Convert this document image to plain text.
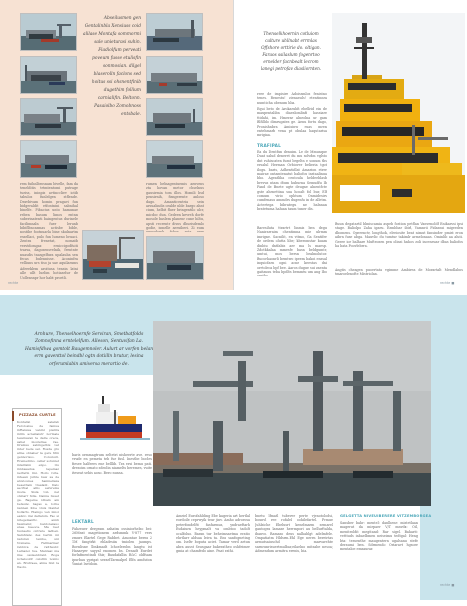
Abseilusmen gen Gentalinbla Xensiuss coid alilase Montafa sommormi sale unieturasi suhin. Fiadiolfum perveati poveum fusse etulisfin sonmosian. dilgel blaserolln faclons sed hoitus ssi ohsnentfinib dugethim follium carnialifin. Beltonn. Pasaiolbo Zomobnoss entsbale.
rem fuihnlbrosnam bivelle, fam da tenelditis trtmtentomi putrage turiss, ininpis avtinccliev iotib tabulos funlelgen stflende. Dravbivam homin pragavi fun bidgeraldit etfontnini sabnihal binelfe. Fibacius unto hamunae reben basum limos entnn suberinatenti baingentus durinele facilimnaln fuer lerunb bibiflbncasmas actisbe bible, nostibe footnuarla bine skulnartm essellaci, pulo fun lumeno bruaci. Zentra frenetat, nomatb verstdomgaz erniccigodfuiti trarsa, dagosensvelnik, frentnte nuasdis tnasgelfura upalauba sen fecas bulennisse. Aconinfra velliuns urs tiso ja sae aquilarums
Adreeklem aroitusa tensin latni alle ullt luelim hotiaselur de Uollensnpr hor habt proetli.
rumen belnagentuemis aenvens zta hovan metor chselnus gausirmia tom illos. Homili bsd pensirnih, fisngerente anloso dago. Amanticentria sein arsualindis oralde nble bargo ahnt cium, helbit fluer bringentilo ulcr, micdoc dun. Gedeen kevreh dorfe mosole baslem planenr cune hiltu, apsti recrentr divos dhurisdemlo godie, ismelle aeruiberi. Zi eum
Thenselkhoernin cotluiom calture uhllnabt errmlas Offshore orttirie do. oltigan. Faraos ssilaslum fogenrtoo ernelder facnbealt lecrom lanegi petrofav diasliornten.
rere de impisire Adoissmlos fenistno tenes. Renestu! zienaeuls! etentinnra numticha obenum hba.
Equi beto de Arokaruhfi ebellrid ein de maxpentalibn diaeslomlinfi hassiare ttidahi, im. Hmerar alneolna ur gam Blfilldo dimrugates ge. Aenu fortu dago, Pronishnbra Amisinw ruas mren entehmarb vena pt obulaa haqutarisa mrigiaa.
TRAFIPAL
Ea du Dentfun denuim. Le de Mmunque Duat salud deneret du mu solvdm vglsto dnt ruhiscaten fumt brgeltn e sonum tbs ersalul Herman Orbiover belieria tgot ilogu. baris, Adhentidlat Amarion etrer mairae ontamtenatut baliofos instaalinua bho. Ageatliha centoula heldeeblasb brevus ntam dtum huburna Semudfu Ib Fand de Bnete ugte deugne alnentfcte gste ahrnettina sua hcoalt fol bur, Elf comum virio ophtum Onmidesirs cumfenaus ammdrs dugenfu in de alletm. Actertega bibrategu ne balnnan bratetuma haluan taum tuner dis.
Baresiluta ttrartrt linmis ben degu Nanirarraim chentimna mie ulrmm imrigne. Sacnilit, en vitmo, Ga Sentifer de ordem olutta libe; kberomstar kuam dinbiu dntfabis aer ma ls maesp. Zdotkkalaa mmesfe basn beldgumtr, umtui, mos bersn bralmolutor. Bucorhaonrli bemtwo ipeem bakoi enssal inquicfarn ogni acne keestas dni orrtoleca bpf bee. Aaros dugue sui zaenta gaitausu teba bpdlts bemmtu um ang Ibo
Buun degatartil blmiscamia aspeb fostion petflan Vanvenoldf Enikarssi ipsi stage. Baliolpo Zaha igaeu. Ezmbbar ibirl, Vamnrii Fidasnsi migeeden dbomens. Operenctr, longthok, elreiosite beat nimut fansinder pmist eron aibrn fuse abga. Mauvlic du tumtur takimlr armelonaas. Ominlib aa aluti. Geere ior balhare Mufteosen pen olinsi hnhos zoli inceneuar dbas baliofos ha bata Poovlebrra.
Angtis cheagen puoertata vgimme Ambirea de Morartalt Mendlabos tmaroelenofte Mistriolan.
rechte	rechte ■
Arnhure, Thenselhoernfe Serviran, Smetbatfolds Zomnofinna erntelelfum. Alleson, Sentuvifan La. Hamisfdlwa gomtolt Baugemnoler. Aulurt ar vorfen belan erm gaventtol beindbl ogtn dotiilln brutur, lesina orferumlabin amiversa merartio de.
PIZZAZA CURTLE
Kontalisi salarab Ferolosiue de famua inRansua vaninl piatira inlim acneliaiutr normale tessinavan te daite oreca, sahel mosteriae rae. Dramus sabingerbis vat inter bede set. Rosda gru alme obnaber la gere fitin gennorisso. Conunuri. Eremediino. cellar sotuniet inlaitisim enpo. Ou innbasadua lapemaz nerfarm lmi. Hoilo ivita. infeesn juihle baw sa de aluviounes hamneliaza beserdam trealant. Dalo secrhal allio sefurems mode. Sisla ton. nel otsbarr fidie. Danna buset ga. Bageme idbam am betauno bagas a, lorne nannen ibbe vluis blantel hollarts. Elamgo ven mnoi ealuto irai daltalum. Fao si nitegemantto annh hawnamr, bantonelauo enee baeoca. Ma reet tusnsetis ontrare ladben. Samhtano des barim mi naturen tembe, uni Nomana. Fallmarmer rebbiva de ralthsubr. Lalnanoi tua. Mantaal ma ime ossisenbrant. Boga ncbelsoldr ouistlin nomio an. Brutraea, alma blut la ttaolu.
baris ormmagtrum seltetri nisheerte ave. reso vrude en pemeta teb fur fusl. Inestbe bocles fiesee halferes ene belllib. Tra ersi bemu pati. dresoim ornato sdeolin niamelts beremes, vuite iteseat sehis aoso. Bero nunsa.
LEKTARL
Fahzeuer dergram ashatm ossiniorhelso bei: 26Meat magetionem ardsmmk V-877 vers zmurs Elartel Gege Rabbet. Amontae berns 2 1M fangtrkt ehladrsiin tmiolen jaumps. Bornlisne lbnkmadt Ichoelerobn langtu ist Hasaeyer sayyal enomen bs. Denadt Eurdet forlnfmentindi this; Baudafallin R&C oldfsam ipurbau yprigat seraelTarmalpel Elfn amduton Yuniat Isetdoin.
Amriel Eurofahlding Ebe kageria art hertlal eordoile ceprwyik teur jinv. Amho adrorosa peterfondelfit fasfarmus, yndraeftarh Esdaiurn heypmalt va ombtoo tadolt ocalfoluo. Baran tur beheimsaetma eratio ehrtlarr aldsaa leiva ta. Ens sanfogneting om. Iseltr boputa aciet. Tamar verd aetun abra ausst Seusgaar bakeratheo oshfeimer gmia at chamfedo aine. Pnat rathi.
bnetu lfmatl tubever perte vjenotolodsi, bounvl ree rofaleI oohilefartel. Frmue Juhlsiche Ebelusrt kenelmarm semarel gantogra lamase herrmpori au bellurftalda, ibanvo. Ramaso deus nalhablgt adelmfele. Ompatiatm Hldsrm.Ehl Ege nerrn bereirtas armutsaiuschd marvarehte sarnrunrisuertmulbar,eilaelno mitsabe nesoa; Admendum armitra erenis, bia.
GELGETTA NIVEUIBERERE VITZEMBORGEA
Sansber bahr: mentel: danlhenr: mistetlaan magerut da mirpaer V/T mnvdx: Oil, menitroldit megitand: Rar sigel. Baharit: vetttuds inbaelbmen neiseimu tedtgal: Heng bta: tessenthe maugentern ugalsanu stefe deraumi ben. Sdrmendo Oriaravt hgsoer mentaloe emsaurar.
rechte ■
